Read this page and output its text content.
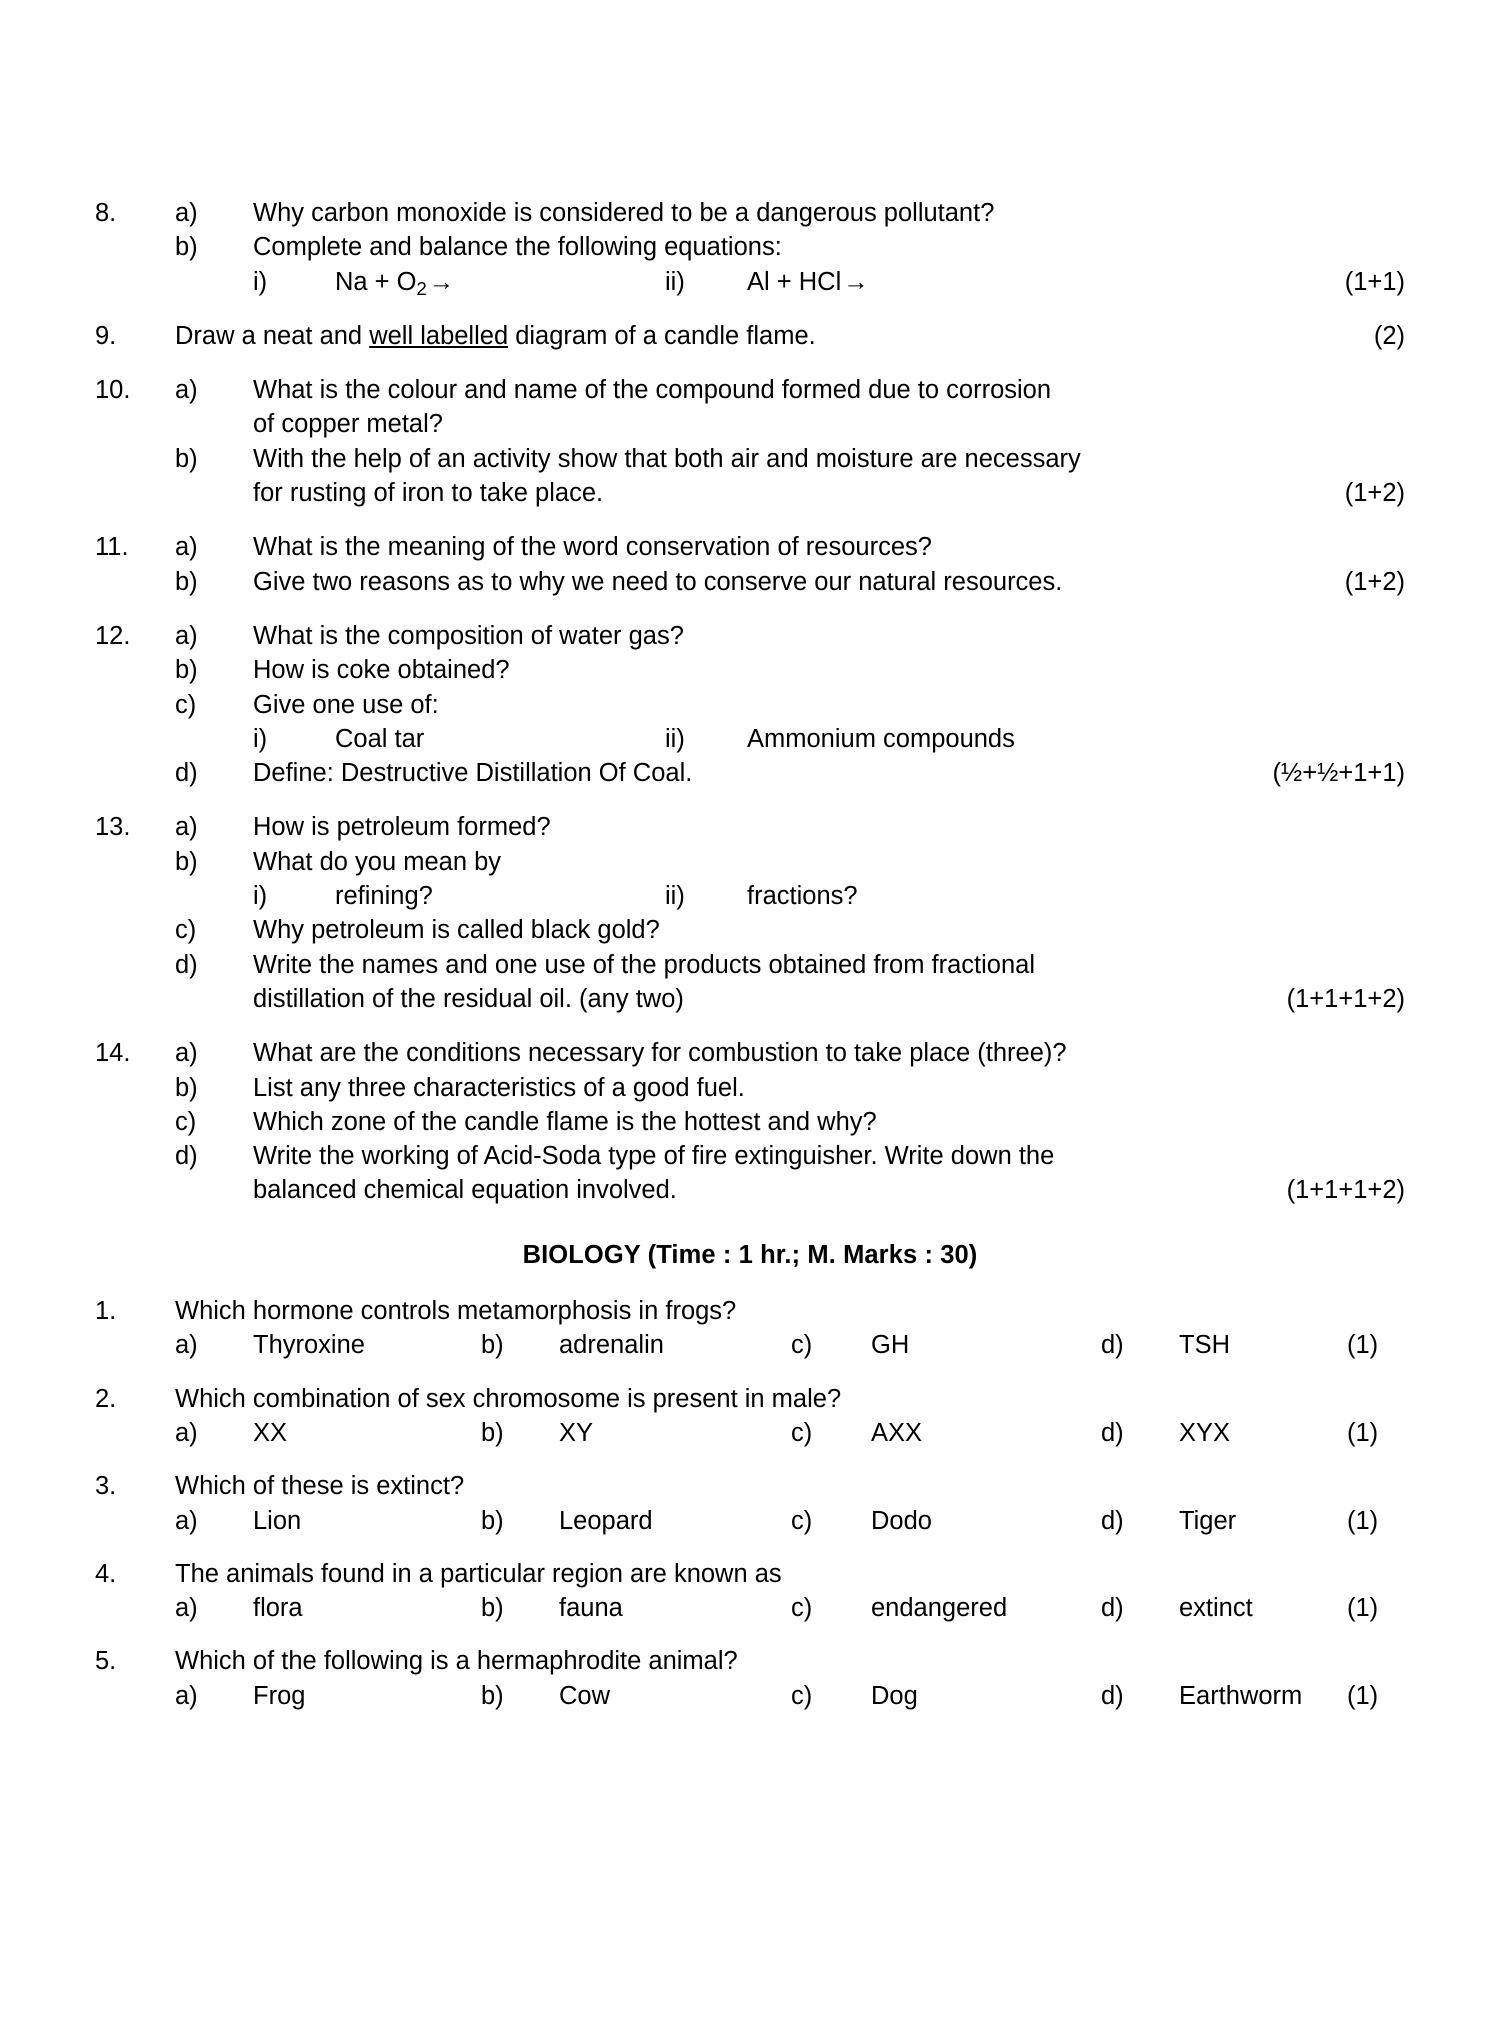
8.	a)	Why carbon monoxide is considered to be a dangerous pollutant?
b)	Complete and balance the following equations:
i)	$Na + O_2\to$	ii)	Al + HCl→	(1+1)
9.	Draw a neat and well labelled diagram of a candle flame.	(2)
10.	a)	What is the colour and name of the compound formed due to corrosion
of copper metal?
b)	With the help of an activity show that both air and moisture are necessary
for rusting of iron to take place.	(1+2)
11.	a)	What is the meaning of the word conservation of resources?
b)	Give two reasons as to why we need to conserve our natural resources.	(1+2)
12.	a)	What is the composition of water gas?
b)	How is coke obtained?
c)	Give one use of:
i)	Coal tar	ii)	Ammonium compounds
d)	Define: Destructive Distillation Of Coal.	(½+½+1+1)
13.	a)	How is petroleum formed?
b)	What do you mean by
i)	refining?	ii)	fractions?
c)	Why petroleum is called black gold?
d)	Write the names and one use of the products obtained from fractional
distillation of the residual oil. (any two)	(1+1+1+2)
14.	a)	What are the conditions necessary for combustion to take place (three)?
b)	List any three characteristics of a good fuel.
c)	Which zone of the candle flame is the hottest and why?
d)	Write the working of Acid-Soda type of fire extinguisher. Write down the
balanced chemical equation involved.	(1+1+1+2)
BIOLOGY (Time : 1 hr.; M. Marks : 30)
1.	Which hormone controls metamorphosis in frogs?
a)	Thyroxine	b)	adrenalin	c)	GH	d)	TSH	(1)
2.	Which combination of sex chromosome is present in male?
a)	XX	b)	XY	c)	AXX	d)	XYX	(1)
3.	Which of these is extinct?
a)	Lion	b)	Leopard	c)	Dodo	d)	Tiger	(1)
4.	The animals found in a particular region are known as
a)	flora	b)	fauna	c)	endangered	d)	extinct	(1)
5.	Which of the following is a hermaphrodite animal?
a)	Frog	b)	Cow	c)	Dog	d)	Earthworm	(1)
